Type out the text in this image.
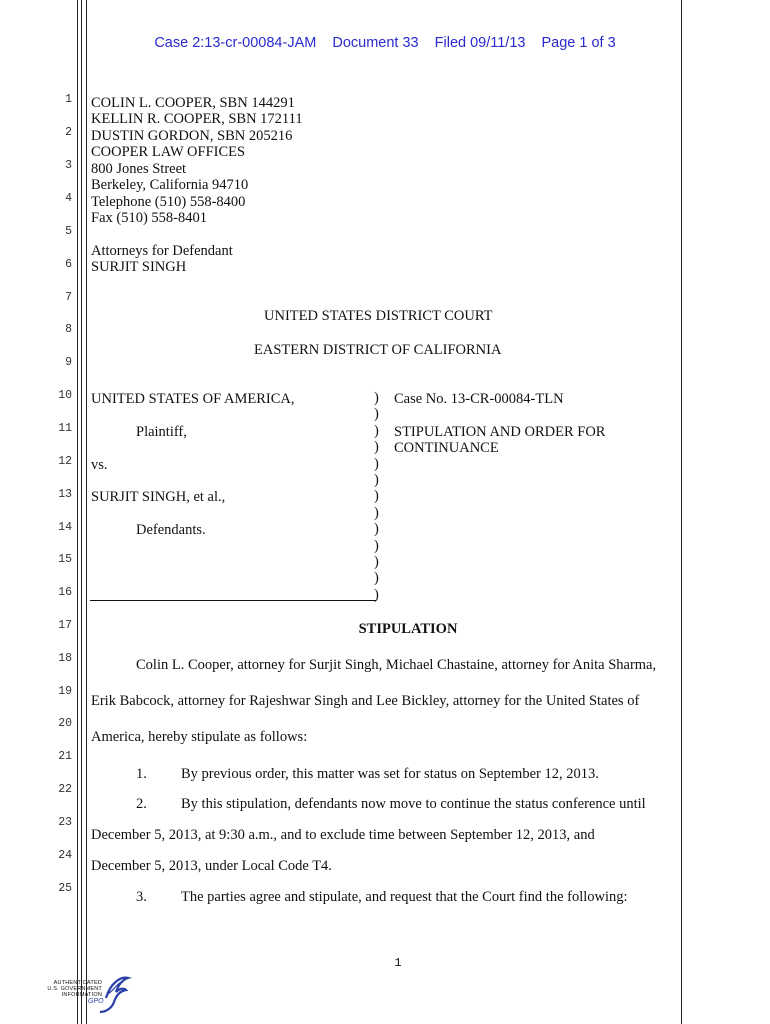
Case 2:13-cr-00084-JAM Document 33 Filed 09/11/13 Page 1 of 3
1
2
3
4
5
6
7
8
9
10
11
12
13
14
15
16
17
18
19
20
21
22
23
24
25
COLIN L. COOPER, SBN 144291
KELLIN R. COOPER, SBN 172111
DUSTIN GORDON, SBN 205216
COOPER LAW OFFICES
800 Jones Street
Berkeley, California 94710
Telephone (510) 558-8400
Fax (510) 558-8401
Attorneys for Defendant
SURJIT SINGH
UNITED STATES DISTRICT COURT
EASTERN DISTRICT OF CALIFORNIA
UNITED STATES OF AMERICA,
Plaintiff,
vs.
SURJIT SINGH, et al.,
Defendants.
)
)
)
)
)
)
)
)
)
)
)
)
)
Case No. 13-CR-00084-TLN
STIPULATION AND ORDER FOR
CONTINUANCE
STIPULATION
Colin L. Cooper, attorney for Surjit Singh, Michael Chastaine, attorney for Anita Sharma,
Erik Babcock, attorney for Rajeshwar Singh and Lee Bickley, attorney for the United States of
America, hereby stipulate as follows:
1. By previous order, this matter was set for status on September 12, 2013.
2. By this stipulation, defendants now move to continue the status conference until
December 5, 2013, at 9:30 a.m., and to exclude time between September 12, 2013, and
December 5, 2013, under Local Code T4.
3. The parties agree and stipulate, and request that the Court find the following:
1
AUTHENTICATED
U.S. GOVERNMENT
INFORMATION
GPO
